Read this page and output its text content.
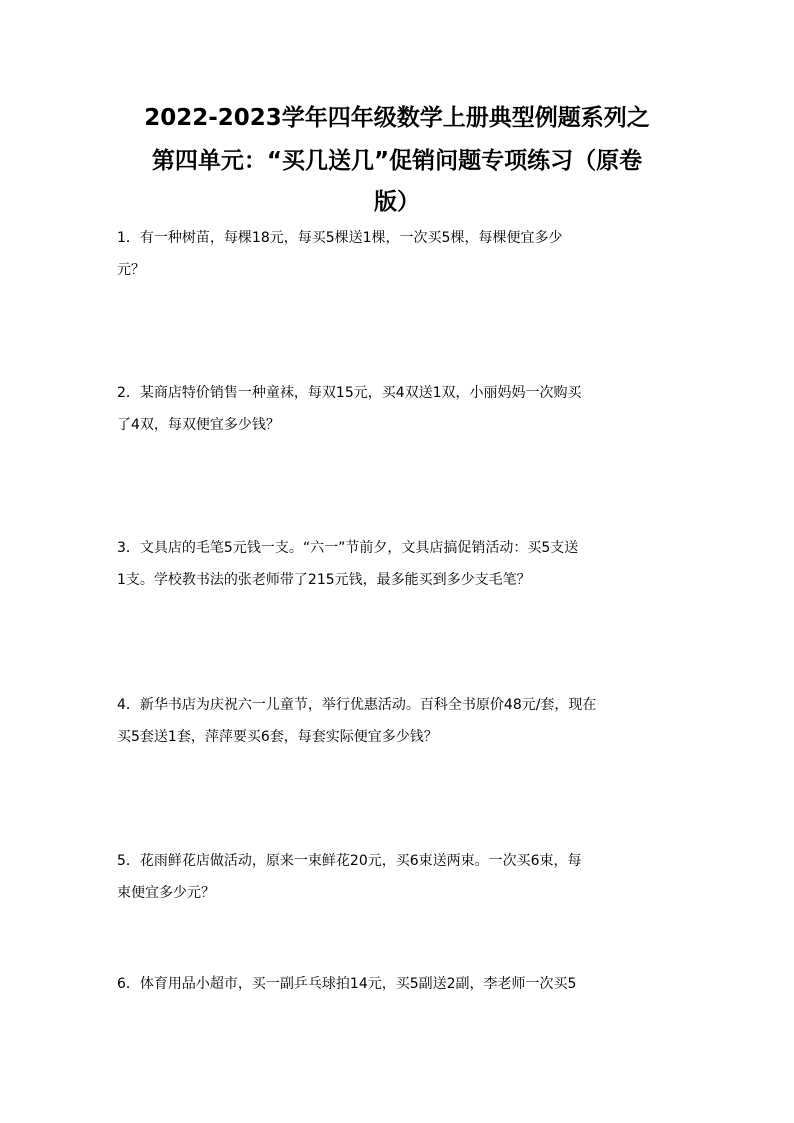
2022-2023学年四年级数学上册典型例题系列之
第四单元：“买几送几”促销问题专项练习（原卷
版）
1．有一种树苗，每棵18元，每买5棵送1棵，一次买5棵，每棵便宜多少
元？
2．某商店特价销售一种童袜，每双15元，买4双送1双，小丽妈妈一次购买
了4双，每双便宜多少钱？
3．文具店的毛笔5元钱一支。“六一”节前夕，文具店搞促销活动：买5支送
1支。学校教书法的张老师带了215元钱，最多能买到多少支毛笔？
4．新华书店为庆祝六一儿童节，举行优惠活动。百科全书原价48元/套，现在
买5套送1套，萍萍要买6套，每套实际便宜多少钱？
5．花雨鲜花店做活动，原来一束鲜花20元，买6束送两束。一次买6束，每
束便宜多少元？
6．体育用品小超市，买一副乒乓球拍14元，买5副送2副，李老师一次买5
